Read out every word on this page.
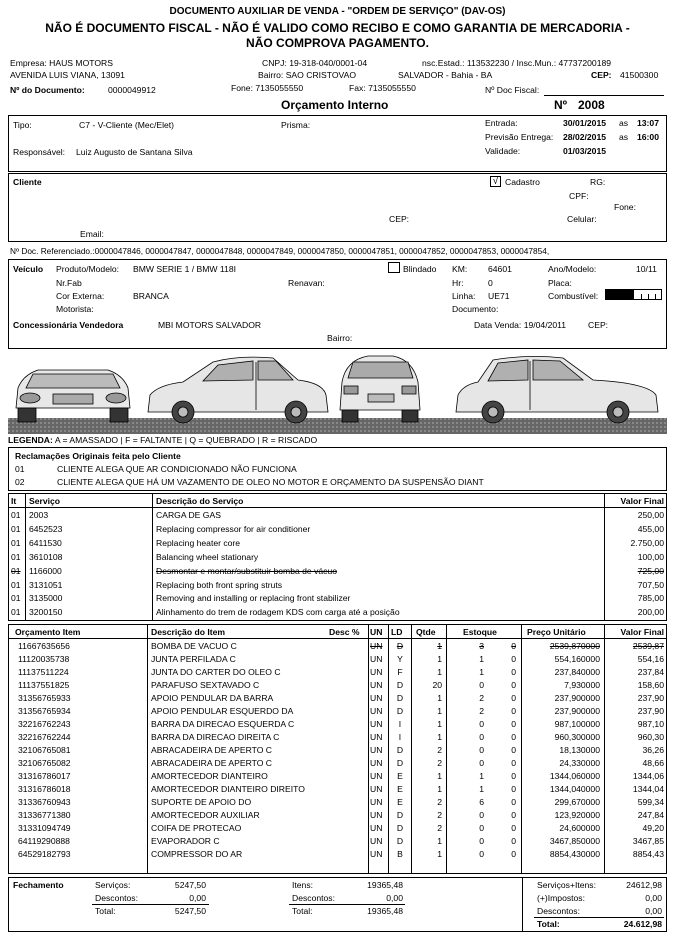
DOCUMENTO AUXILIAR DE VENDA - "ORDEM DE SERVIÇO" (DAV-OS)
NÃO É DOCUMENTO FISCAL - NÃO É VALIDO COMO RECIBO E COMO GARANTIA DE MERCADORIA -
NÃO COMPROVA PAGAMENTO.
Empresa: HAUS MOTORS
AVENIDA LUIS VIANA, 13091
CNPJ: 19-318-040/0001-04	nsc.Estad.: 113532230 / Insc.Mun.: 47737200189
Bairro: SAO CRISTOVAO	SALVADOR - Bahia - BA	CEP: 41500300
Nº do Documento:	0000049912	Fone: 7135055550	Fax: 7135055550	Nº Doc Fiscal:
Orçamento Interno	Nº 2008
Tipo:	C7 - V-Cliente (Mec/Elet)	Prisma:
Responsável: Luiz Augusto de Santana Silva
Entrada:	30/01/2015 as 13:07
Previsão Entrega: 28/02/2015 as 16:00
Validade:	01/03/2015
Cliente	√ Cadastro	RG:
CPF:
Fone:
CEP:	Celular:
Email:
Nº Doc. Referenciado.:0000047846, 0000047847, 0000047848, 0000047849, 0000047850, 0000047851, 0000047852, 0000047853, 0000047854,
Veículo Produto/Modelo: BMW SERIE 1 / BMW 118I	Blindado KM: 64601	Ano/Modelo:	10/11
Nr.Fab	Renavan:	Hr:	0	Placa:
Cor Externa:	BRANCA	Linha: UE71	Combustível:
Motorista:	Documento:
Concessionária Vendedora	MBI MOTORS SALVADOR	Data Venda: 19/04/2011	CEP:
Bairro:
LEGENDA: A = AMASSADO | F = FALTANTE | Q = QUEBRADO | R = RISCADO
Reclamações Originais feita pelo Cliente
01	CLIENTE ALEGA QUE AR CONDICIONADO NÃO FUNCIONA
02	CLIENTE ALEGA QUE HÁ UM VAZAMENTO DE OLEO NO MOTOR E ORÇAMENTO DA SUSPENSÃO DIANT
It Serviço	Descrição do Serviço	Valor Final
01 2003	CARGA DE GAS	250,00
01 6452523	Replacing compressor for air conditioner	455,00
01 6411530	Replacing heater core	2.750,00
01 3610108	Balancing wheel stationary	100,00
01 1166000	Desmontar e montar/substituir bomba de vácuo	725,00
01 3131051	Replacing both front spring struts	707,50
01 3135000	Removing and installing or replacing front stabilizer	785,00
01 3200150	Alinhamento do trem de rodagem KDS com carga até a posição	200,00
Orçamento Item	Descrição do Item	Desc % UN LD Qtde	Estoque	Preço Unitário	Valor Final
11667635656	BOMBA DE VACUO C	UN	D	1	3	0	2539,870000	2539,87
11120035738	JUNTA PERFILADA C	UN	Y	1	1	0	554,160000	554,16
11137511224	JUNTA DO CARTER DO OLEO C	UN	F	1	1	0	237,840000	237,84
11137551825	PARAFUSO SEXTAVADO C	UN	D	20	0	0	7,930000	158,60
31356765933	APOIO PENDULAR DA BARRA	UN	D	1	2	0	237,900000	237,90
31356765934	APOIO PENDULAR ESQUERDO DA	UN	D	1	2	0	237,900000	237,90
32216762243	BARRA DA DIRECAO ESQUERDA C	UN	I	1	0	0	987,100000	987,10
32216762244	BARRA DA DIRECAO DIREITA C	UN	I	1	0	0	960,300000	960,30
32106765081	ABRACADEIRA DE APERTO C	UN	D	2	0	0	18,130000	36,26
32106765082	ABRACADEIRA DE APERTO C	UN	D	2	0	0	24,330000	48,66
31316786017	AMORTECEDOR DIANTEIRO	UN	E	1	1	0	1344,060000	1344,06
31316786018	AMORTECEDOR DIANTEIRO DIREITO	UN	E	1	1	0	1344,040000	1344,04
31336760943	SUPORTE DE APOIO DO	UN	E	2	6	0	299,670000	599,34
31336771380	AMORTECEDOR AUXILIAR	UN	D	2	0	0	123,920000	247,84
31331094749	COIFA DE PROTECAO	UN	D	2	0	0	24,600000	49,20
64119290888	EVAPORADOR C	UN	D	1	0	0	3467,850000	3467,85
64529182793	COMPRESSOR DO AR	UN	B	1	0	0	8854,430000	8854,43
Fechamento	Serviços:	5247,50
Descontos:	0,00
Total:	5247,50
Itens:	19365,48
Descontos:	0,00
Total:	19365,48
Serviços+Itens:	24612,98
(+)Impostos:	0,00
Descontos:	0,00
Total:	24.612,98
